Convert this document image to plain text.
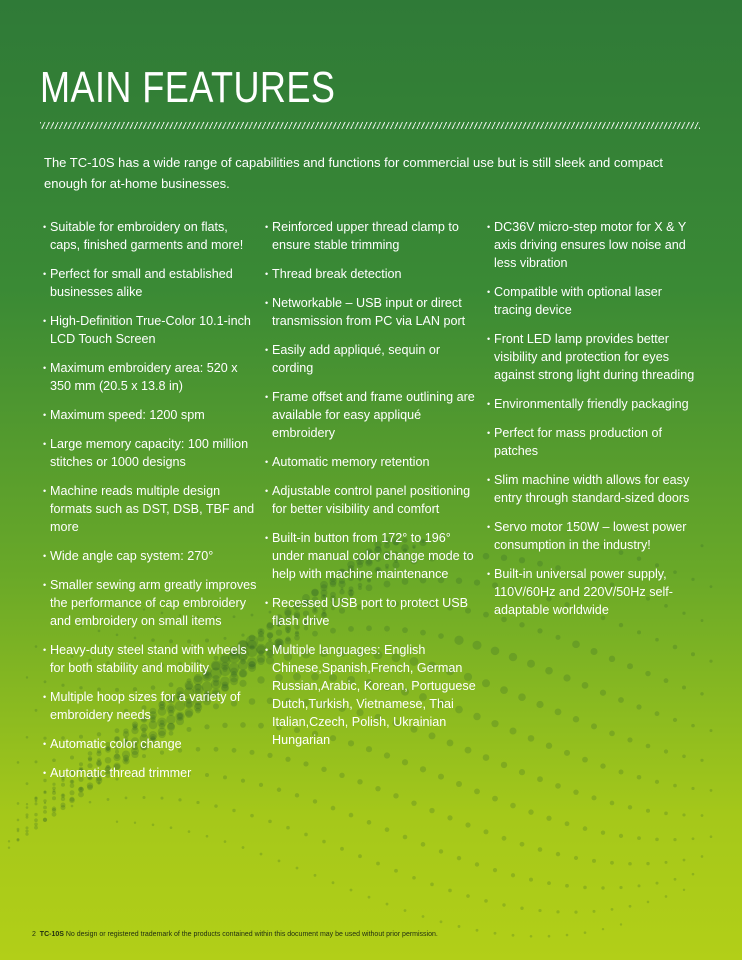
MAIN FEATURES

The TC-10S has a wide range of capabilities and functions for commercial use but is still sleek and compact enough for at-home businesses.

• Suitable for embroidery on flats, caps, finished garments and more!
• Perfect for small and established businesses alike
• High-Definition True-Color 10.1-inch LCD Touch Screen
• Maximum embroidery area: 520 x 350 mm (20.5 x 13.8 in)
• Maximum speed: 1200 spm
• Large memory capacity: 100 million stitches or 1000 designs
• Machine reads multiple design formats such as DST, DSB, TBF and more
• Wide angle cap system: 270°
• Smaller sewing arm greatly improves the performance of cap embroidery and embroidery on small items
• Heavy-duty steel stand with wheels for both stability and mobility
• Multiple hoop sizes for a variety of embroidery needs
• Automatic color change
• Automatic thread trimmer
• Reinforced upper thread clamp to ensure stable trimming
• Thread break detection
• Networkable – USB input or direct transmission from PC via LAN port
• Easily add appliqué, sequin or cording
• Frame offset and frame outlining are available for easy appliqué embroidery
• Automatic memory retention
• Adjustable control panel positioning for better visibility and comfort
• Built-in button from 172° to 196° under manual color change mode to help with machine maintenance
• Recessed USB port to protect USB flash drive
• Multiple languages: English Chinese,Spanish,French, German Russian,Arabic, Korean, Portuguese Dutch,Turkish, Vietnamese, Thai Italian,Czech, Polish, Ukrainian Hungarian
• DC36V micro-step motor for X & Y axis driving ensures low noise and less vibration
• Compatible with optional laser tracing device
• Front LED lamp provides better visibility and protection for eyes against strong light during threading
• Environmentally friendly packaging
• Perfect for mass production of patches
• Slim machine width allows for easy entry through standard-sized doors
• Servo motor 150W – lowest power consumption in the industry!
• Built-in universal power supply, 110V/60Hz and 220V/50Hz self-adaptable worldwide
2 TC-10S No design or registered trademark of the products contained within this document may be used without prior permission.
